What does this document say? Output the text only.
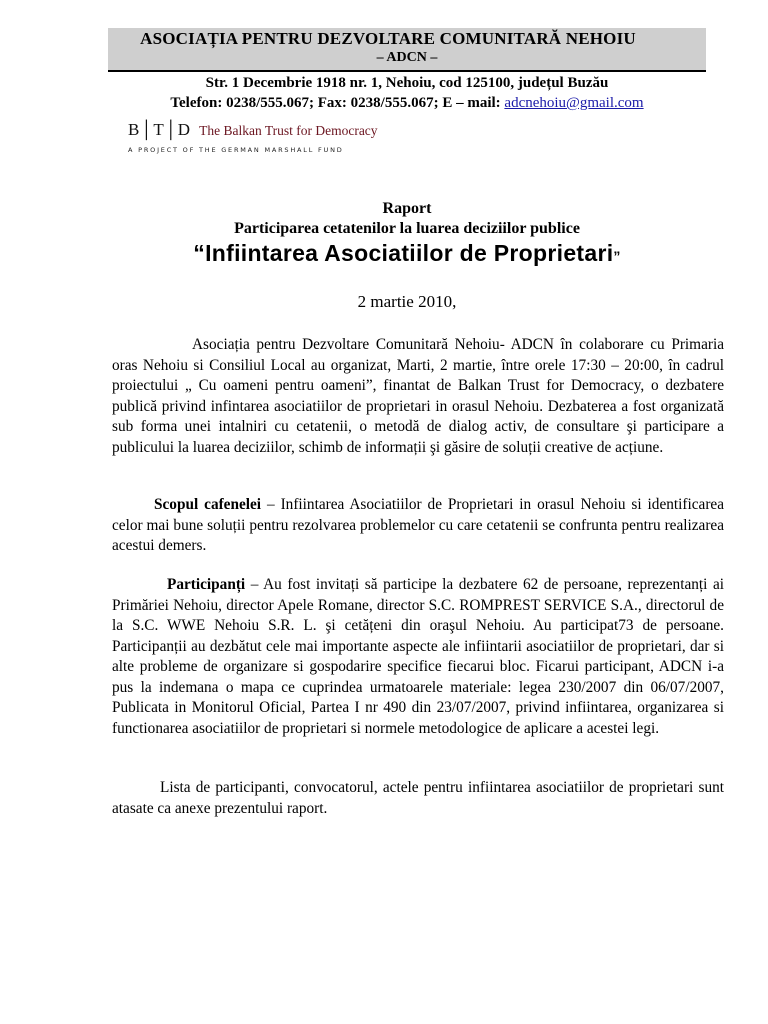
ASOCIAȚIA PENTRU DEZVOLTARE COMUNITARĂ NEHOIU
– ADCN –
Str. 1 Decembrie 1918 nr. 1, Nehoiu, cod 125100, județul Buzău
Telefon: 0238/555.067; Fax: 0238/555.067; E – mail: adcnehoiu@gmail.com
B│T│D The Balkan Trust for Democracy
A PROJECT OF THE GERMAN MARSHALL FUND
Raport
Participarea cetatenilor la luarea deciziilor publice
“Infiintarea Asociatiilor de Proprietari”
2 martie 2010,

Asociația pentru Dezvoltare Comunitară Nehoiu- ADCN în colaborare cu Primaria oras Nehoiu si Consiliul Local au organizat, Marti, 2 martie, între orele 17:30 – 20:00, în cadrul proiectului „ Cu oameni pentru oameni”, finantat de Balkan Trust for Democracy, o dezbatere publică privind infintarea asociatiilor de proprietari in orasul Nehoiu. Dezbaterea a fost organizată sub forma unei intalniri cu cetatenii, o metodă de dialog activ, de consultare şi participare a publicului la luarea deciziilor, schimb de informații şi găsire de soluții creative de acțiune.

Scopul cafenelei – Infiintarea Asociatiilor de Proprietari in orasul Nehoiu si identificarea celor mai bune soluții pentru rezolvarea problemelor cu care cetatenii se confrunta pentru realizarea acestui demers.

Participanți – Au fost invitați să participe la dezbatere 62 de persoane, reprezentanți ai Primăriei Nehoiu, director Apele Romane, director S.C. ROMPREST SERVICE S.A., directorul de la S.C. WWE Nehoiu S.R. L. şi cetățeni din oraşul Nehoiu. Au participat73 de persoane. Participanții au dezbătut cele mai importante aspecte ale infiintarii asociatiilor de proprietari, dar si alte probleme de organizare si gospodarire specifice fiecarui bloc. Ficarui participant, ADCN i-a pus la indemana o mapa ce cuprindea urmatoarele materiale: legea 230/2007 din 06/07/2007, Publicata in Monitorul Oficial, Partea I nr 490 din 23/07/2007, privind infiintarea, organizarea si functionarea asociatiilor de proprietari si normele metodologice de aplicare a acestei legi.

Lista de participanti, convocatorul, actele pentru infiintarea asociatiilor de proprietari sunt atasate ca anexe prezentului raport.
